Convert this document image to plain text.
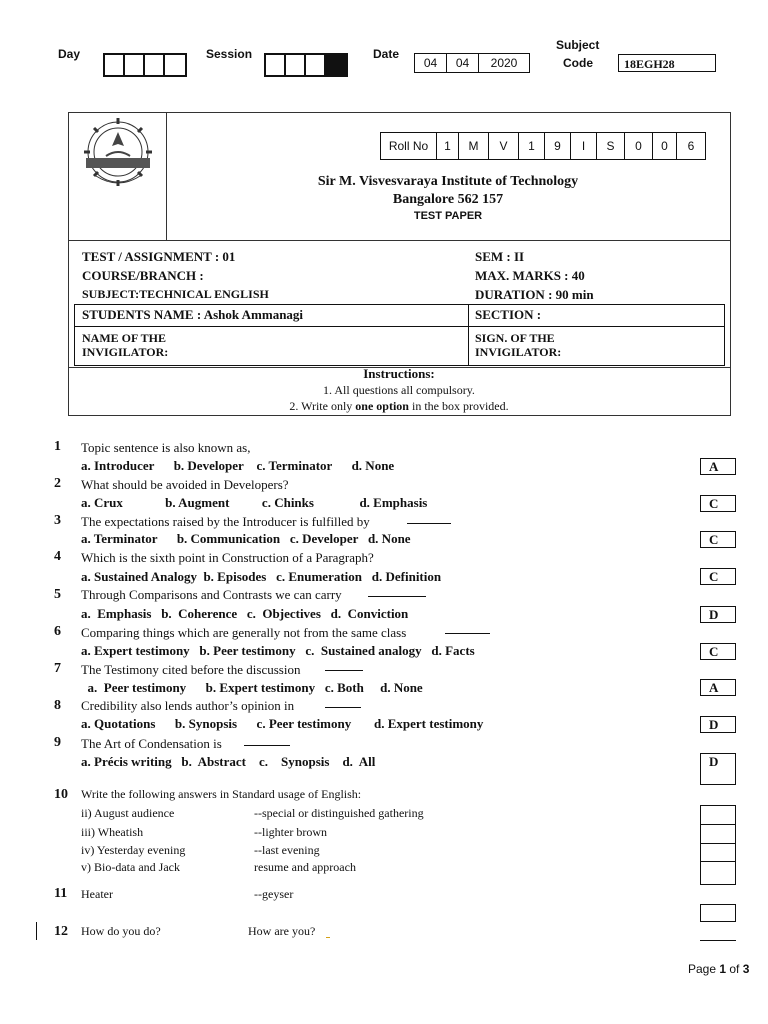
Day	Session	Date
04	04	2020
Subject
Code	18EGH28
Roll No	1	M	V	1	9	I	S	0	0	6
Sir M. Visvesvaraya Institute of Technology
Bangalore 562 157
TEST PAPER
TEST / ASSIGNMENT : 01
COURSE/BRANCH :
SUBJECT:TECHNICAL ENGLISH
SEM : II
MAX. MARKS : 40
DURATION : 90 min
STUDENTS NAME : Ashok Ammanagi	SECTION :
NAME OF THE
INVIGILATOR:
SIGN. OF THE
INVIGILATOR:
Instructions:
1. All questions all compulsory.
2. Write only one option in the box provided.
1 Topic sentence is also known as,
a. Introducer      b. Developer    c. Terminator      d. None	A
2 What should be avoided in Developers?
a. Crux             b. Augment          c. Chinks              d. Emphasis	C
3 The expectations raised by the Introducer is fulfilled by
a. Terminator      b. Communication   c. Developer   d. None	C
4 Which is the sixth point in Construction of a Paragraph?
a. Sustained Analogy  b. Episodes   c. Enumeration   d. Definition	C
5 Through Comparisons and Contrasts we can carry
a.  Emphasis   b.  Coherence   c.  Objectives   d.  Conviction	D
6 Comparing things which are generally not from the same class
a. Expert testimony   b. Peer testimony   c.  Sustained analogy   d. Facts	C
7 The Testimony cited before the discussion
a.  Peer testimony      b. Expert testimony   c. Both     d. None	A
8 Credibility also lends author’s opinion in
a. Quotations      b. Synopsis      c. Peer testimony       d. Expert testimony	D
9 The Art of Condensation is
a. Précis writing   b.  Abstract    c.    Synopsis    d.  All	D
10 Write the following answers in Standard usage of English:
ii) August audience	--special or distinguished gathering
iii) Wheatish	--lighter brown
iv) Yesterday evening	--last evening
v) Bio-data and Jack	resume and approach
11 Heater	--geyser
12 How do you do?	How are you?
Page 1 of 3
